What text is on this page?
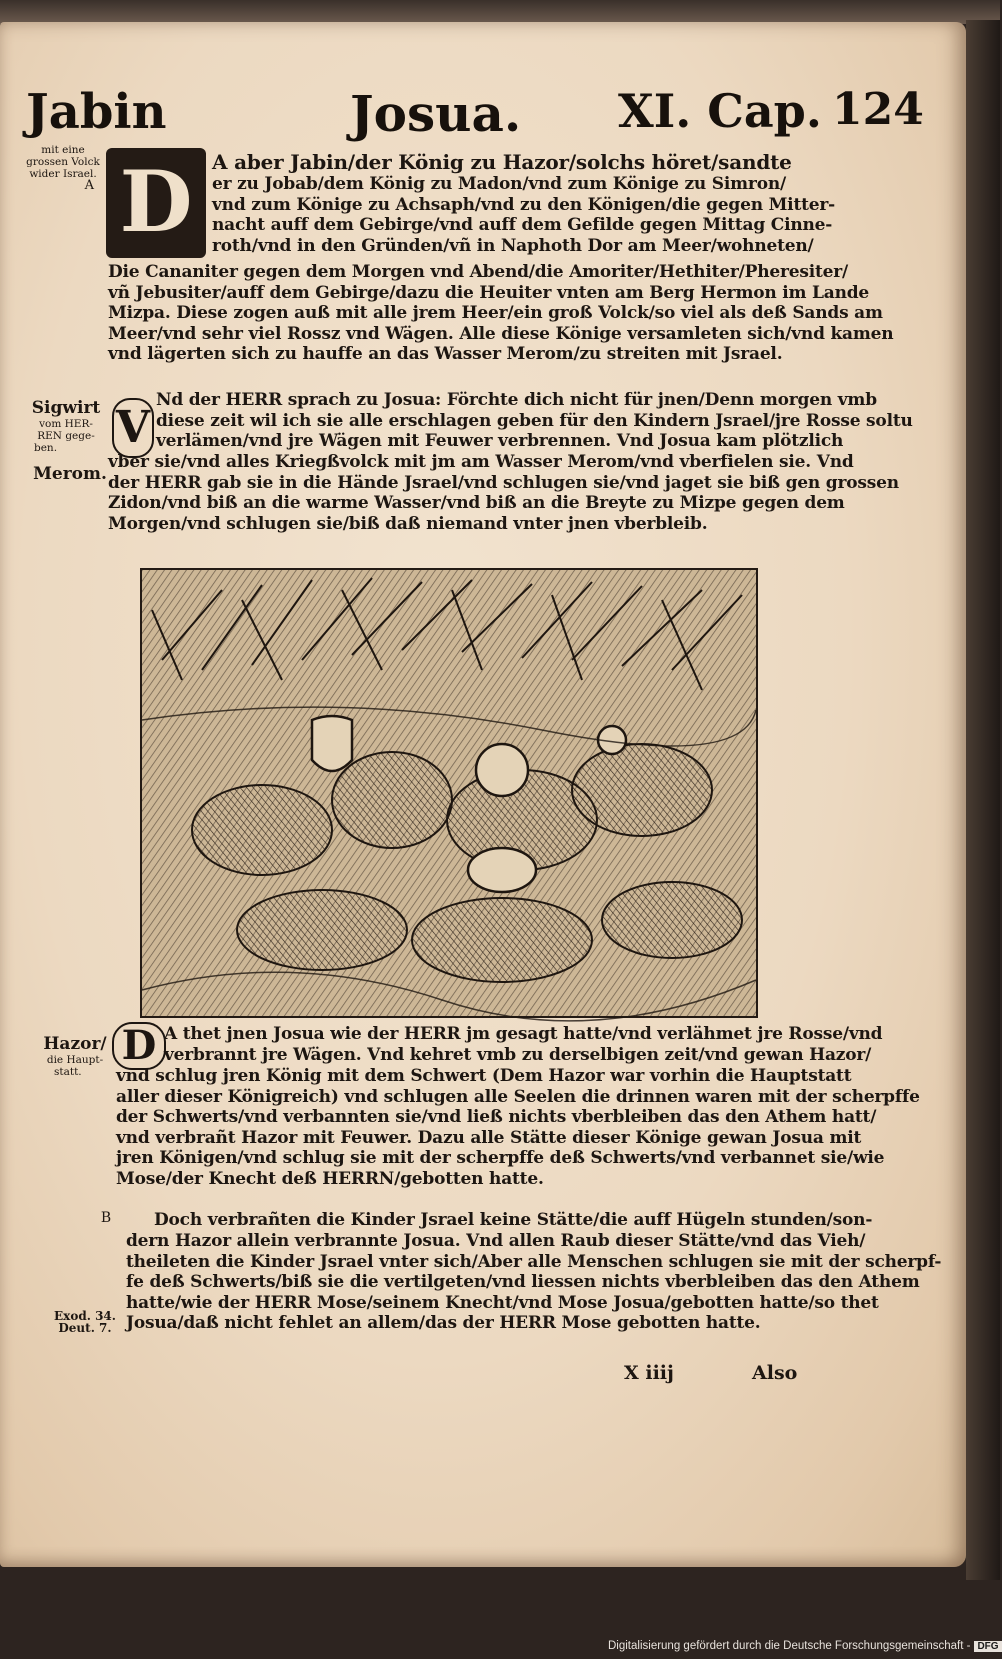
Jabin	Josua. XI. Cap. 124
mit eine
grossen Volck
wider Israel.
A
Sigwirt
vom HER-
REN gege-
ben.
Merom.
Hazor/
die Haupt-
statt.
B
Exod. 34.
Deut. 7.
D
V
D
A aber Jabin/der König zu Hazor/solchs höret/sandte
er zu Jobab/dem König zu Madon/vnd zum Könige zu Simron/
vnd zum Könige zu Achsaph/vnd zu den Königen/die gegen Mitter-
nacht auff dem Gebirge/vnd auff dem Gefilde gegen Mittag Cinne-
roth/vnd in den Gründen/vñ in Naphoth Dor am Meer/wohneten/
Die Cananiter gegen dem Morgen vnd Abend/die Amoriter/Hethiter/Pheresiter/
vñ Jebusiter/auff dem Gebirge/dazu die Heuiter vnten am Berg Hermon im Lande
Mizpa. Diese zogen auß mit alle jrem Heer/ein groß Volck/so viel als deß Sands am
Meer/vnd sehr viel Rossz vnd Wägen. Alle diese Könige versamleten sich/vnd kamen
vnd lägerten sich zu hauffe an das Wasser Merom/zu streiten mit Jsrael.
Nd der HERR sprach zu Josua: Förchte dich nicht für jnen/Denn morgen vmb
diese zeit wil ich sie alle erschlagen geben für den Kindern Jsrael/jre Rosse soltu
verlämen/vnd jre Wägen mit Feuwer verbrennen. Vnd Josua kam plötzlich
vber sie/vnd alles Kriegßvolck mit jm am Wasser Merom/vnd vberfielen sie. Vnd
der HERR gab sie in die Hände Jsrael/vnd schlugen sie/vnd jaget sie biß gen grossen
Zidon/vnd biß an die warme Wasser/vnd biß an die Breyte zu Mizpe gegen dem
Morgen/vnd schlugen sie/biß daß niemand vnter jnen vberbleib.
A thet jnen Josua wie der HERR jm gesagt hatte/vnd verlähmet jre Rosse/vnd
verbrannt jre Wägen. Vnd kehret vmb zu derselbigen zeit/vnd gewan Hazor/
vnd schlug jren König mit dem Schwert (Dem Hazor war vorhin die Hauptstatt
aller dieser Königreich) vnd schlugen alle Seelen die drinnen waren mit der scherpffe
der Schwerts/vnd verbannten sie/vnd ließ nichts vberbleiben das den Athem hatt/
vnd verbrañt Hazor mit Feuwer. Dazu alle Stätte dieser Könige gewan Josua mit
jren Königen/vnd schlug sie mit der scherpffe deß Schwerts/vnd verbannet sie/wie
Mose/der Knecht deß HERRN/gebotten hatte.
Doch verbrañten die Kinder Jsrael keine Stätte/die auff Hügeln stunden/son-
dern Hazor allein verbrannte Josua. Vnd allen Raub dieser Stätte/vnd das Vieh/
theileten die Kinder Jsrael vnter sich/Aber alle Menschen schlugen sie mit der scherpf-
fe deß Schwerts/biß sie die vertilgeten/vnd liessen nichts vberbleiben das den Athem
hatte/wie der HERR Mose/seinem Knecht/vnd Mose Josua/gebotten hatte/so thet
Josua/daß nicht fehlet an allem/das der HERR Mose gebotten hatte.
X iiij	Also
Digitalisierung gefördert durch die Deutsche Forschungsgemeinschaft - DFG
